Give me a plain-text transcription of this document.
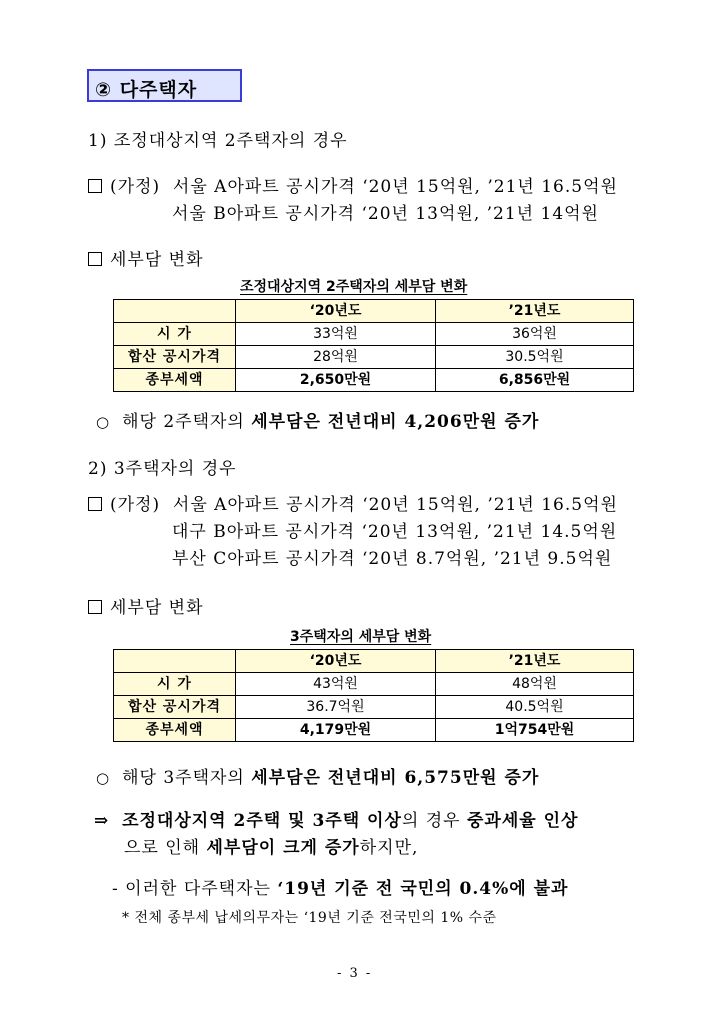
② 다주택자
1) 조정대상지역 2주택자의 경우
(가정) 서울 A아파트 공시가격 ‘20년 15억원, ’21년 16.5억원
서울 B아파트 공시가격 ‘20년 13억원, ’21년 14억원
세부담 변화
조정대상지역 2주택자의 세부담 변화
	‘20년도	’21년도
시 가	33억원	36억원
합산 공시가격	28억원	30.5억원
종부세액	2,650만원	6,856만원
○ 해당 2주택자의 세부담은 전년대비 4,206만원 증가
2) 3주택자의 경우
(가정) 서울 A아파트 공시가격 ‘20년 15억원, ’21년 16.5억원
대구 B아파트 공시가격 ‘20년 13억원, ’21년 14.5억원
부산 C아파트 공시가격 ‘20년 8.7억원, ’21년 9.5억원
세부담 변화
3주택자의 세부담 변화
	‘20년도	’21년도
시 가	43억원	48억원
합산 공시가격	36.7억원	40.5억원
종부세액	4,179만원	1억754만원
○ 해당 3주택자의 세부담은 전년대비 6,575만원 증가
⇒ 조정대상지역 2주택 및 3주택 이상의 경우 중과세율 인상
으로 인해 세부담이 크게 증가하지만,
- 이러한 다주택자는 ‘19년 기준 전 국민의 0.4%에 불과
* 전체 종부세 납세의무자는 ‘19년 기준 전국민의 1% 수준
- 3 -
